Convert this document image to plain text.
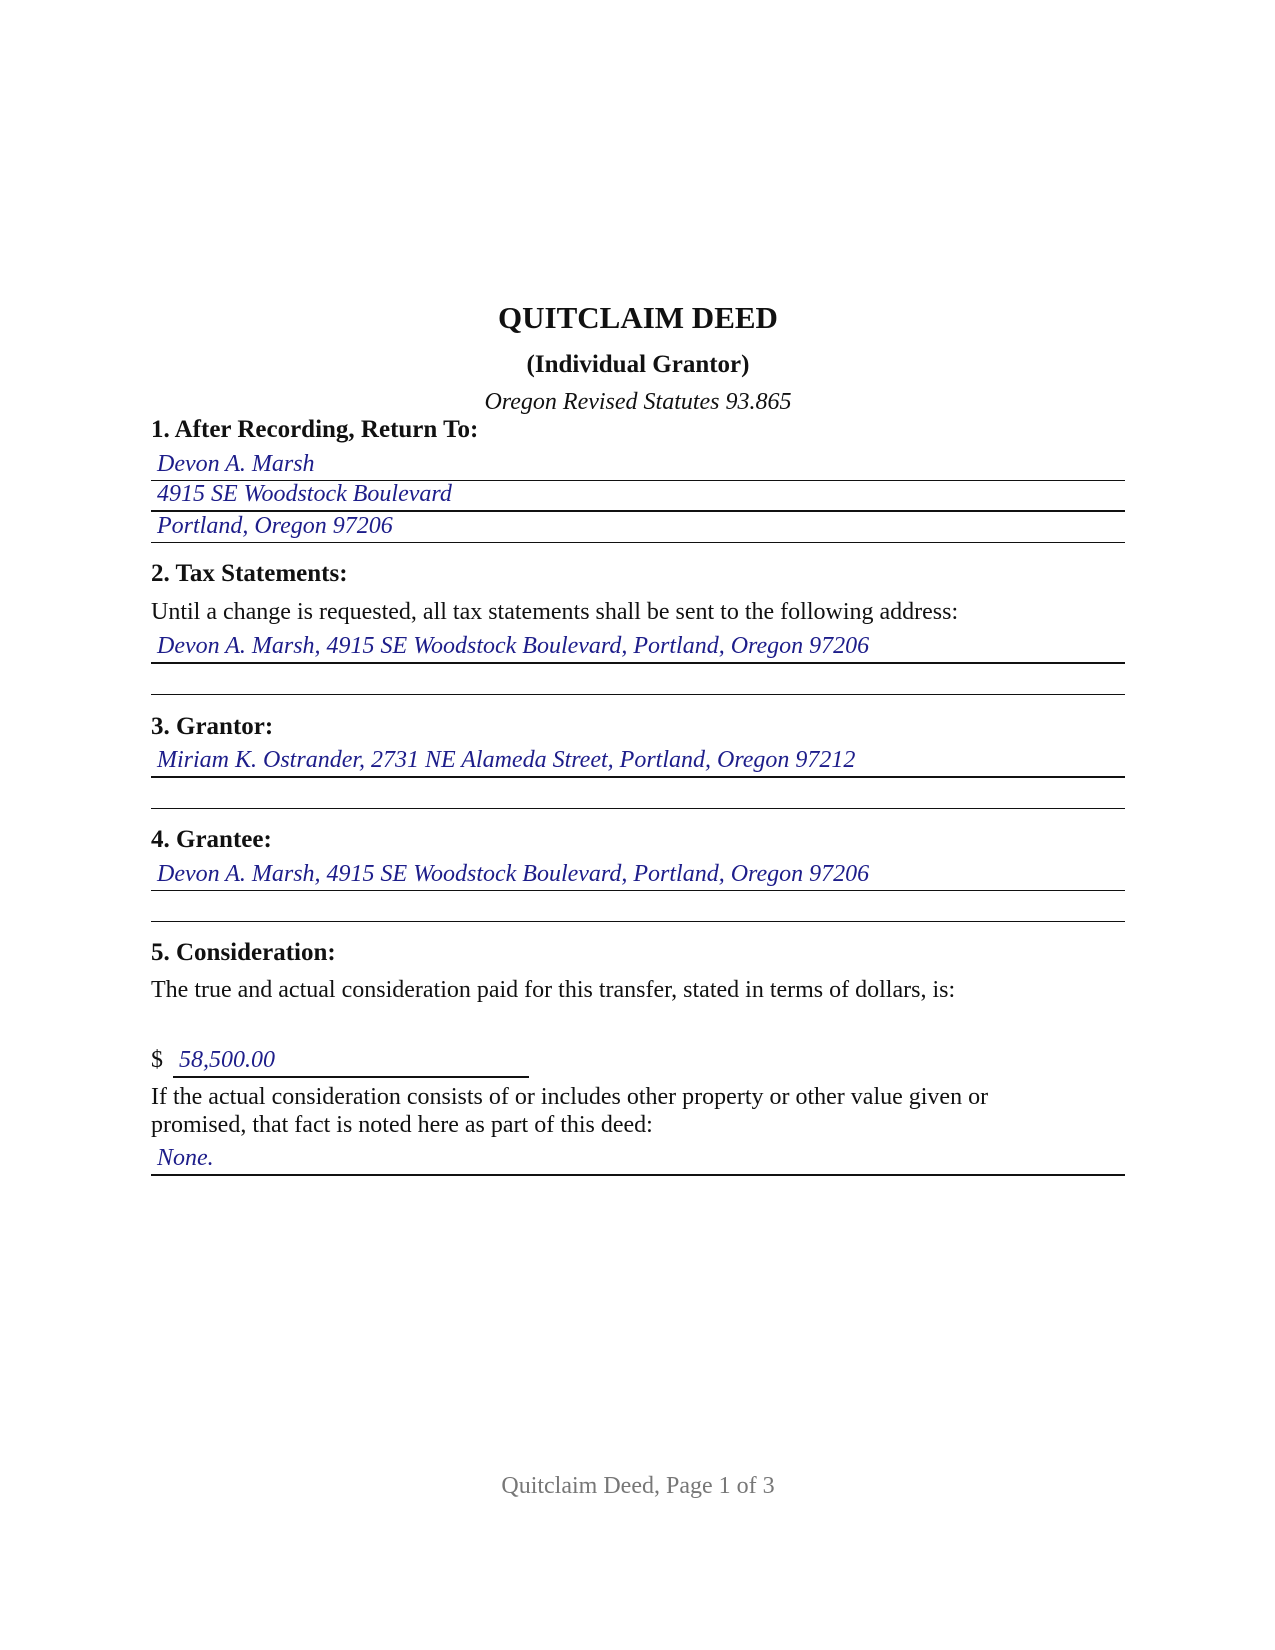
QUITCLAIM DEED
(Individual Grantor)
Oregon Revised Statutes 93.865
1. After Recording, Return To:
Devon A. Marsh
4915 SE Woodstock Boulevard
Portland, Oregon 97206
2. Tax Statements:
Until a change is requested, all tax statements shall be sent to the following address:
Devon A. Marsh, 4915 SE Woodstock Boulevard, Portland, Oregon 97206
3. Grantor:
Miriam K. Ostrander, 2731 NE Alameda Street, Portland, Oregon 97212
4. Grantee:
Devon A. Marsh, 4915 SE Woodstock Boulevard, Portland, Oregon 97206
5. Consideration:
The true and actual consideration paid for this transfer, stated in terms of dollars, is:
$ 58,500.00
If the actual consideration consists of or includes other property or other value given or promised, that fact is noted here as part of this deed:
None.
Quitclaim Deed, Page 1 of 3
